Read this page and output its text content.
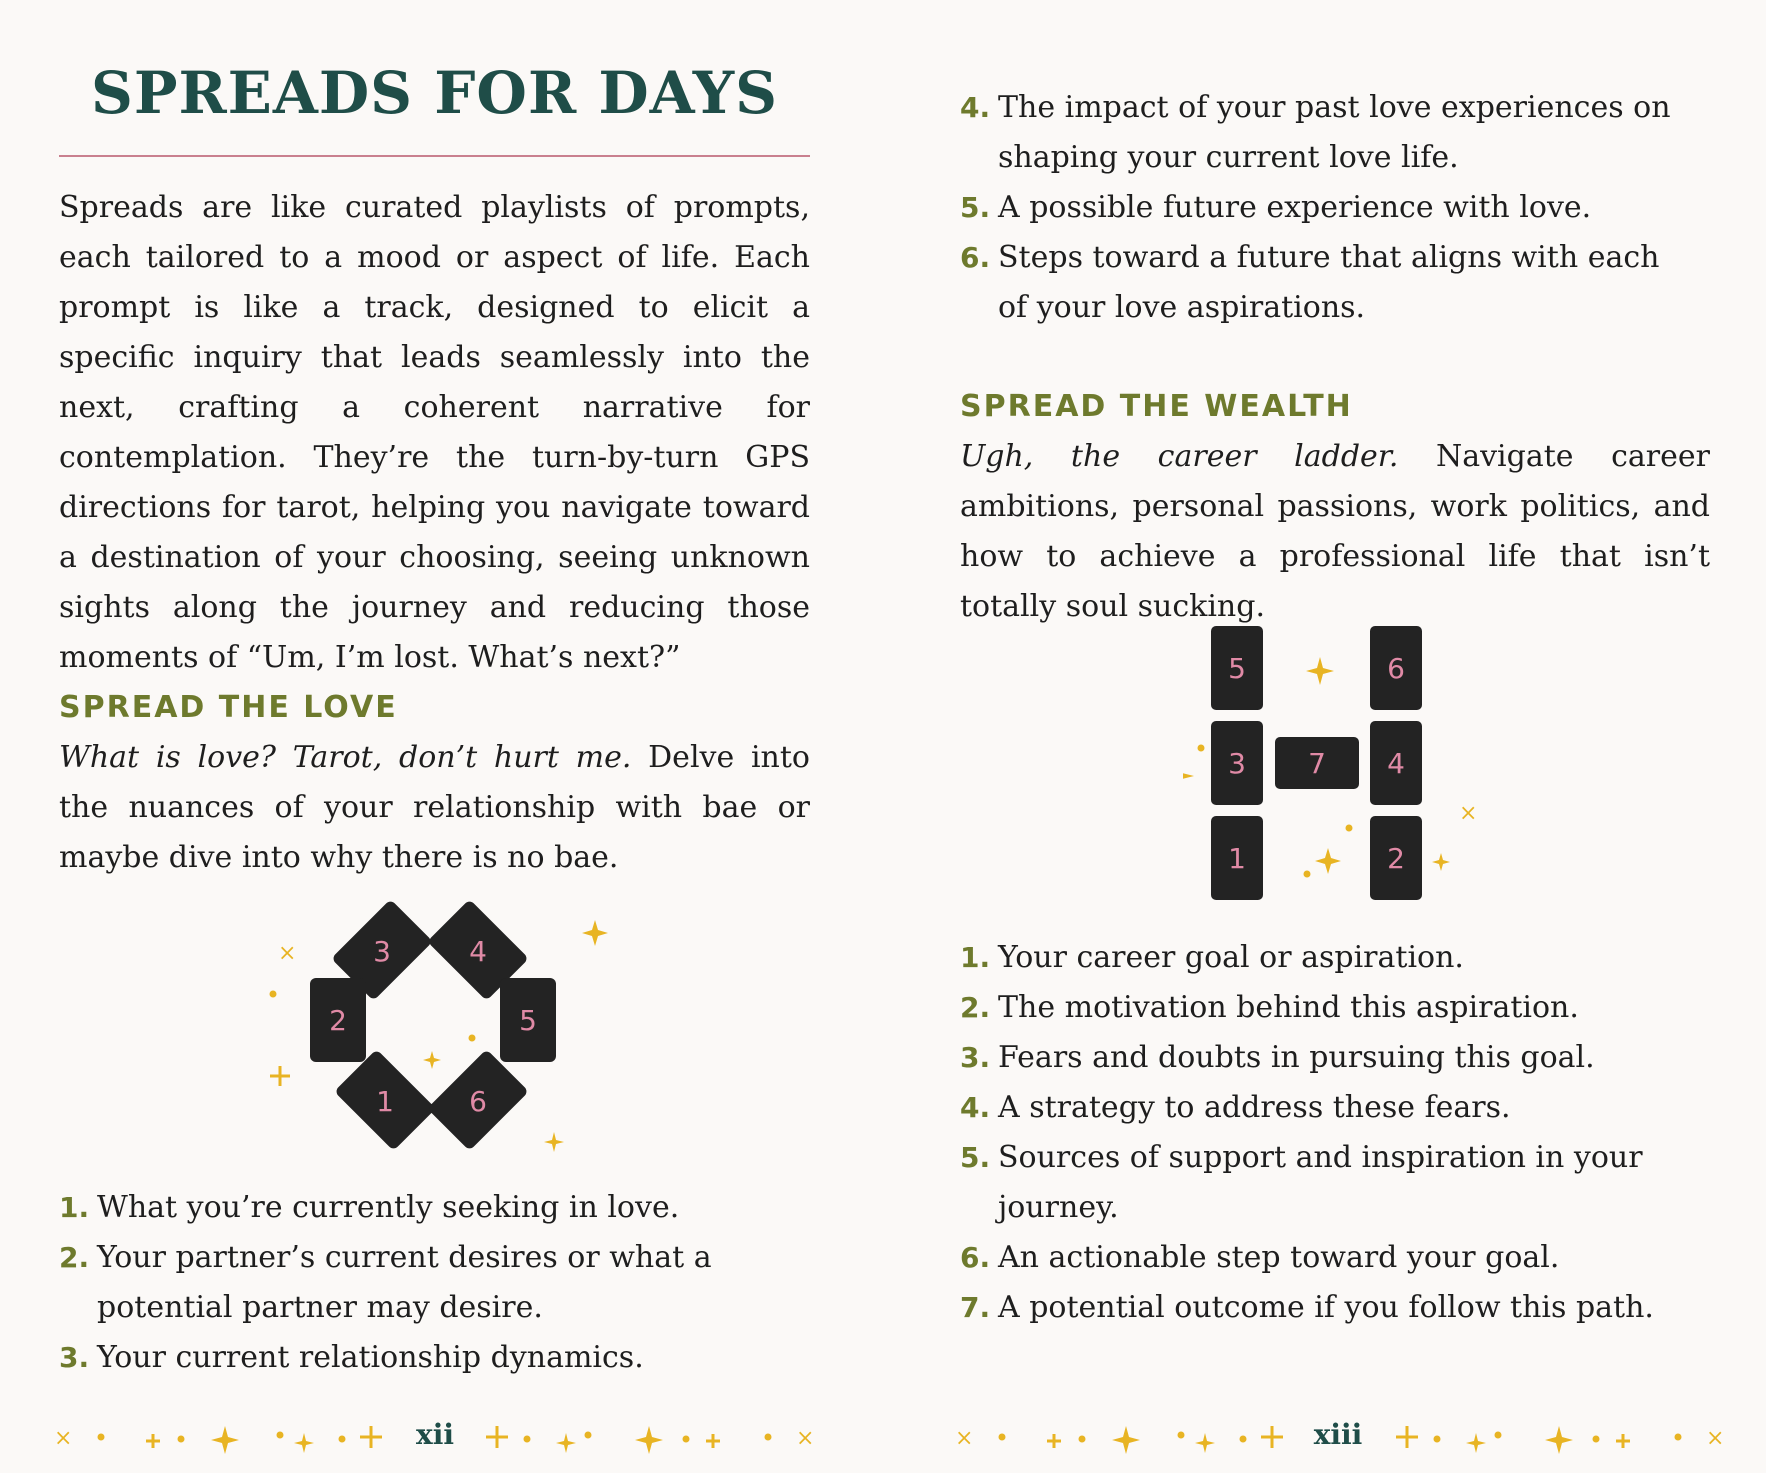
SPREADS FOR DAYS

Spreads are like curated playlists of prompts, each tailored to a mood or aspect of life. Each prompt is like a track, designed to elicit a specific inquiry that leads seamlessly into the next, crafting a coherent narrative for contemplation. They’re the turn-by-turn GPS directions for tarot, helping you navigate toward a destination of your choosing, seeing unknown sights along the journey and reducing those moments of “Um, I’m lost. What’s next?”

SPREAD THE LOVE

What is love? Tarot, don’t hurt me. Delve into the nuances of your relationship with bae or maybe dive into why there is no bae.

3	4
2	5
1	6
×
1. What you’re currently seeking in love.
2. Your partner’s current desires or what a potential partner may desire.
3. Your current relationship dynamics.
×	×
xii
4. The impact of your past love experiences on shaping your current love life.
5. A possible future experience with love.
6. Steps toward a future that aligns with each of your love aspirations.
SPREAD THE WEALTH

Ugh, the career ladder. Navigate career ambitions, personal passions, work politics, and how to achieve a professional life that isn’t totally soul sucking.

5	6
3 7 4
1	2
×
1. Your career goal or aspiration.
2. The motivation behind this aspiration.
3. Fears and doubts in pursuing this goal.
4. A strategy to address these fears.
5. Sources of support and inspiration in your journey.
6. An actionable step toward your goal.
7. A potential outcome if you follow this path.
×	×
xiii
